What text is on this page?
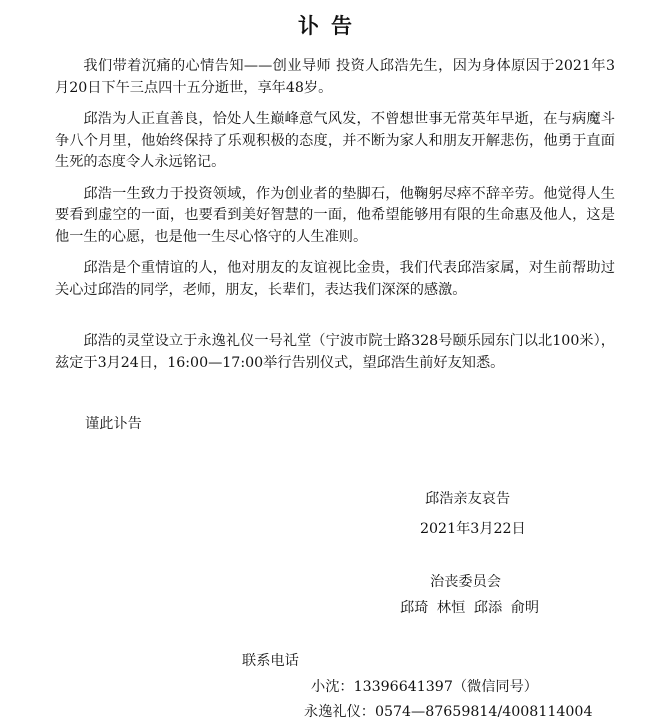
讣告

我们带着沉痛的心情告知——创业导师 投资人邱浩先生，因为身体原因于2021年3月20日下午三点四十五分逝世，享年48岁。

邱浩为人正直善良，恰处人生巅峰意气风发，不曾想世事无常英年早逝，在与病魔斗争八个月里，他始终保持了乐观积极的态度，并不断为家人和朋友开解悲伤，他勇于直面生死的态度令人永远铭记。

邱浩一生致力于投资领域，作为创业者的垫脚石，他鞠躬尽瘁不辞辛劳。他觉得人生要看到虚空的一面，也要看到美好智慧的一面，他希望能够用有限的生命惠及他人，这是他一生的心愿，也是他一生尽心恪守的人生准则。

邱浩是个重情谊的人，他对朋友的友谊视比金贵，我们代表邱浩家属，对生前帮助过关心过邱浩的同学，老师，朋友，长辈们，表达我们深深的感激。

邱浩的灵堂设立于永逸礼仪一号礼堂（宁波市院士路328号颐乐园东门以北100米），兹定于3月24日，16:00—17:00举行告别仪式，望邱浩生前好友知悉。

谨此讣告
邱浩亲友哀告
2021年3月22日
治丧委员会
邱琦 林恒 邱添 俞明
联系电话
小沈：13396641397（微信同号）
永逸礼仪：0574—87659814/4008114004
